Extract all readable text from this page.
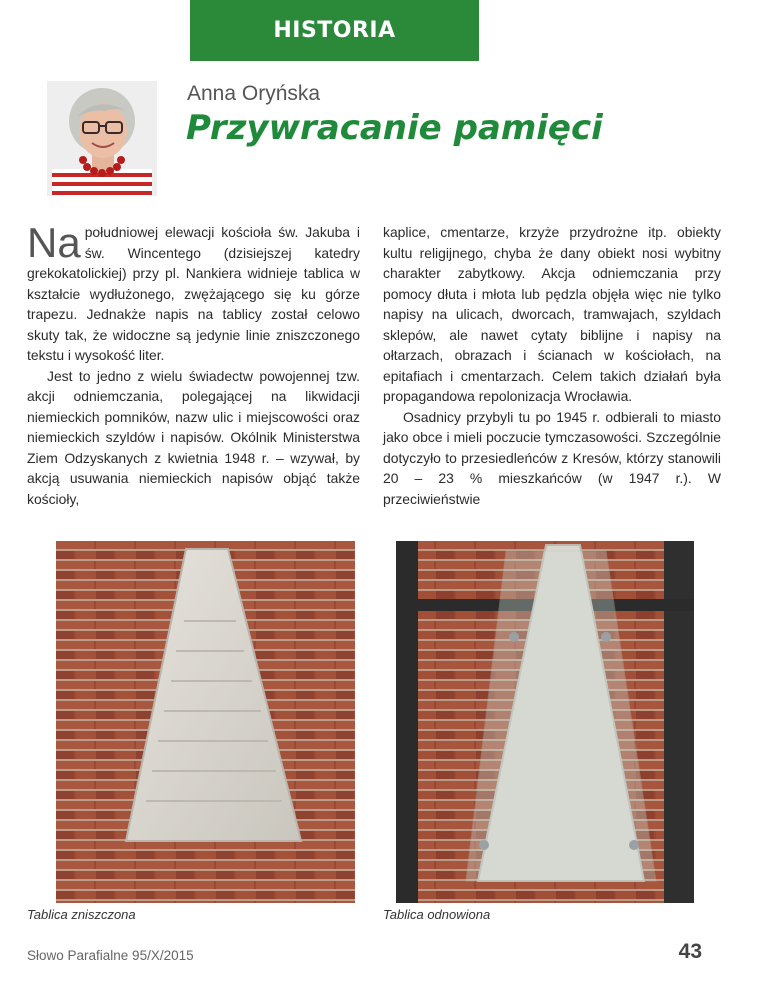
HISTORIA
Anna Oryńska
Przywracanie pamięci

Na południowej elewacji kościoła św. Jakuba i św. Wincentego (dzisiejszej katedry grekokatolickiej) przy pl. Nankiera widnieje tablica w kształcie wydłużonego, zwężającego się ku górze trapezu. Jednakże napis na tablicy został celowo skuty tak, że widoczne są jedynie linie zniszczonego tekstu i wysokość liter.

Jest to jedno z wielu świadectw powojennej tzw. akcji odniemczania, polegającej na likwidacji niemieckich pomników, nazw ulic i miejscowości oraz niemieckich szyldów i napisów. Okólnik Ministerstwa Ziem Odzyskanych z kwietnia 1948 r. – wzywał, by akcją usuwania niemieckich napisów objąć także kościoły,

kaplice, cmentarze, krzyże przydrożne itp. obiekty kultu religijnego, chyba że dany obiekt nosi wybitny charakter zabytkowy. Akcja odniemczania przy pomocy dłuta i młota lub pędzla objęła więc nie tylko napisy na ulicach, dworcach, tramwajach, szyldach sklepów, ale nawet cytaty biblijne i napisy na ołtarzach, obrazach i ścianach w kościołach, na epitafiach i cmentarzach. Celem takich działań była propagandowa repolonizacja Wrocławia.

Osadnicy przybyli tu po 1945 r. odbierali to miasto jako obce i mieli poczucie tymczasowości. Szczególnie dotyczyło to przesiedleńców z Kresów, którzy stanowili 20 – 23 % mieszkańców (w 1947 r.). W przeciwieństwie

Tablica zniszczona	Tablica odnowiona
Słowo Parafialne 95/X/2015	43
